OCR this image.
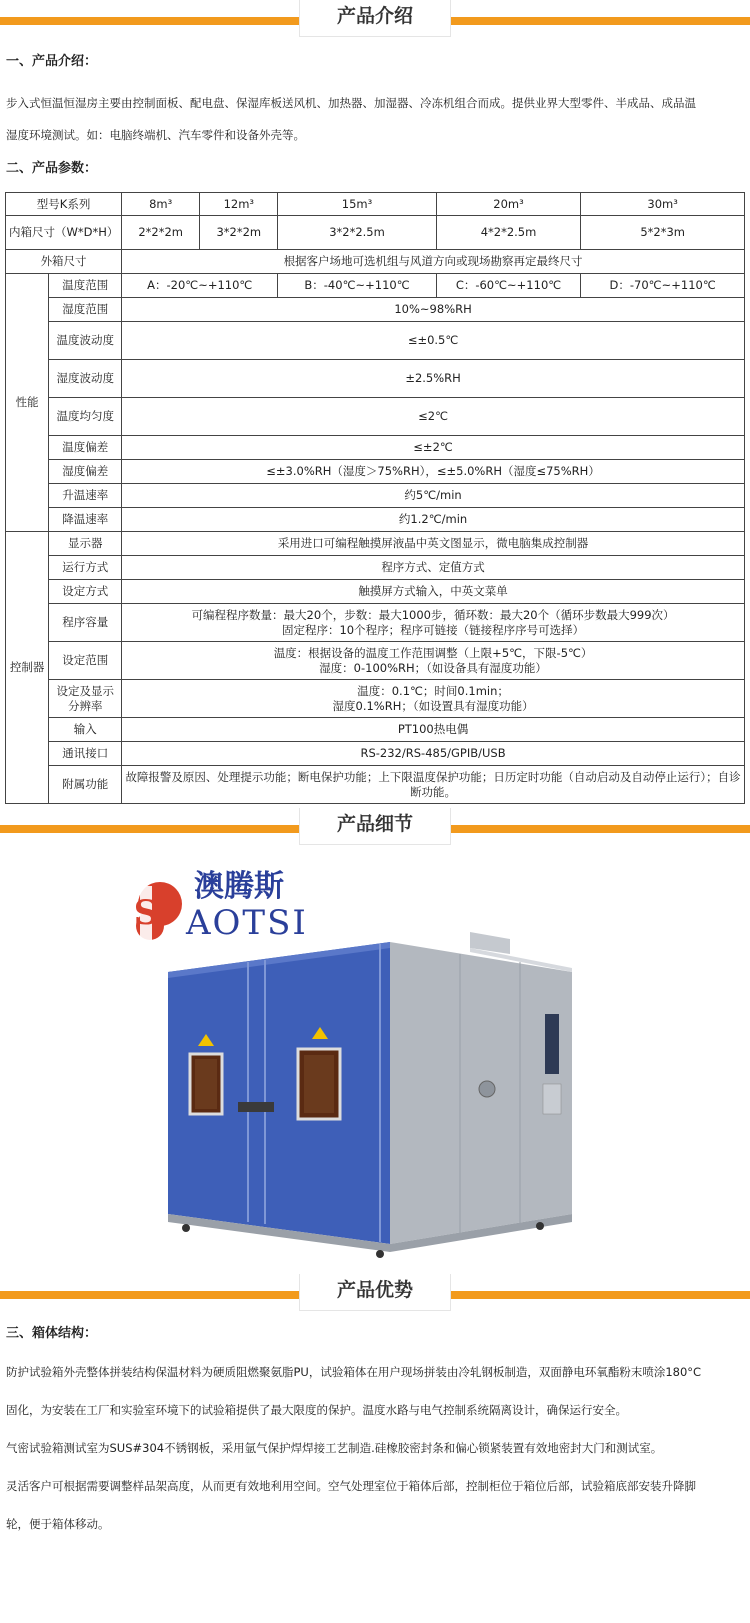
产品介绍

一、产品介绍：

步入式恒温恒湿房主要由控制面板、配电盘、保湿库板送风机、加热器、加湿器、冷冻机组合而成。提供业界大型零件、半成品、成品温

湿度环境测试。如：电脑终端机、汽车零件和设备外壳等。

二、产品参数：

型号K系列		8m³	12m³	15m³	20m³	30m³
内箱尺寸（W*D*H）		2*2*2m	3*2*2m	3*2*2.5m	4*2*2.5m	5*2*3m
外箱尺寸		根据客户场地可选机组与风道方向或现场勘察再定最终尺寸				
性能	温度范围	A：-20℃~+110℃		B：-40℃~+110℃	C：-60℃~+110℃	D：-70℃~+110℃
	湿度范围	10%~98%RH				
	温度波动度	≤±0.5℃				
	湿度波动度	±2.5%RH				
	温度均匀度	≤2℃				
	温度偏差	≤±2℃				
	湿度偏差	≤±3.0%RH（湿度＞75%RH），≤±5.0%RH（湿度≤75%RH）				
	升温速率	约5℃/min				
	降温速率	约1.2℃/min				
控制器	显示器	采用进口可编程触摸屏液晶中英文图显示，微电脑集成控制器				
	运行方式	程序方式、定值方式				
	设定方式	触摸屏方式输入，中英文菜单				
	程序容量	可编程程序数量：最大20个，步数：最大1000步，循环数：最大20个（循环步数最大999次）
固定程序：10个程序；程序可链接（链接程序序号可选择）				
	设定范围	温度：根据设备的温度工作范围调整（上限+5℃，下限-5℃）
湿度：0-100%RH；（如设备具有湿度功能）				
	设定及显示分辨率	温度：0.1℃；时间0.1min；
湿度0.1%RH；（如设置具有湿度功能）				
	输入	PT100热电偶				
	通讯接口	RS-232/RS-485/GPIB/USB				
	附属功能	故障报警及原因、处理提示功能；断电保护功能；上下限温度保护功能；日历定时功能（自动启动及自动停止运行）；自诊断功能。				
产品细节
S
澳腾斯
AOTSI
产品优势

三、箱体结构：

防护试验箱外壳整体拼装结构保温材料为硬质阻燃聚氨脂PU，试验箱体在用户现场拼装由冷轧钢板制造，双面静电环氧酯粉末喷涂180°C

固化，为安装在工厂和实验室环境下的试验箱提供了最大限度的保护。温度水路与电气控制系统隔离设计，确保运行安全。

气密试验箱测试室为SUS#304不锈钢板，采用氩气保护焊焊接工艺制造.硅橡胶密封条和偏心锁紧装置有效地密封大门和测试室。

灵活客户可根据需要调整样品架高度，从而更有效地利用空间。空气处理室位于箱体后部，控制柜位于箱位后部，试验箱底部安装升降脚

轮，便于箱体移动。
